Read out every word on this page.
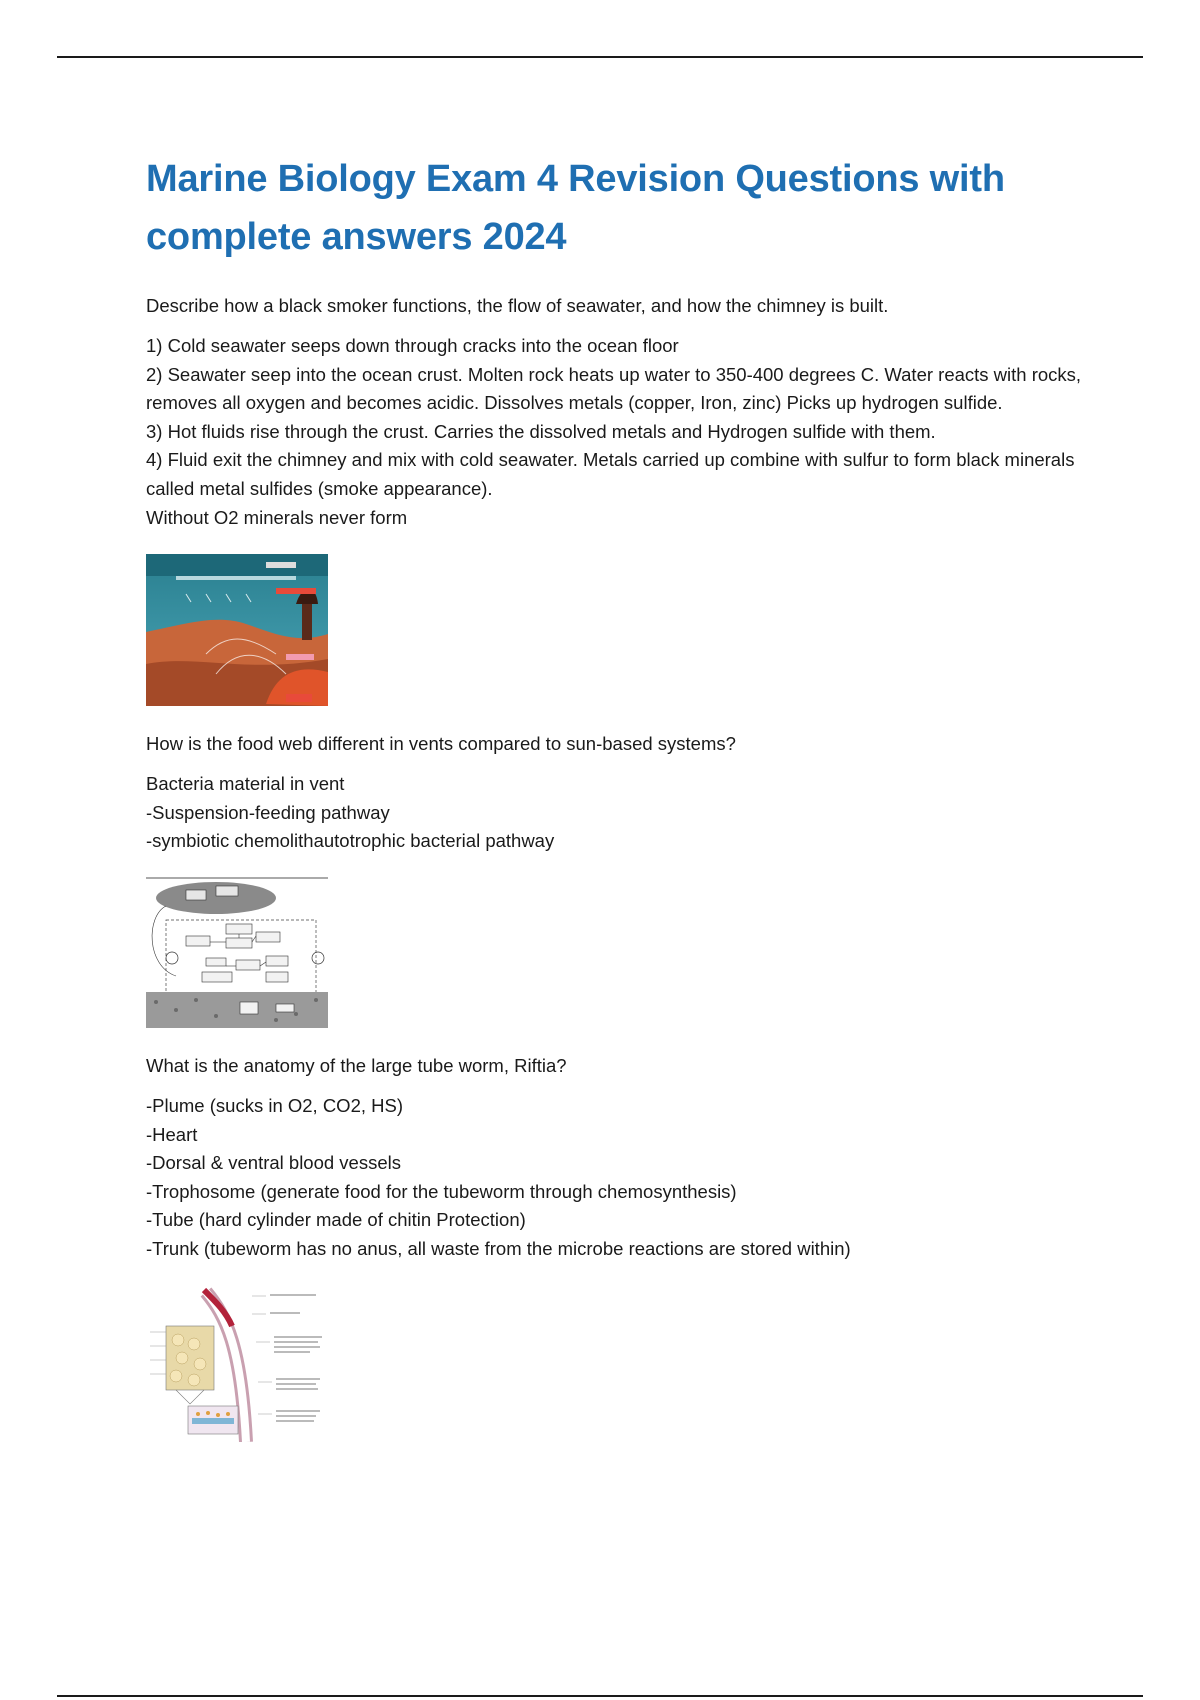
Marine Biology Exam 4 Revision Questions with complete answers 2024

Describe how a black smoker functions, the flow of seawater, and how the chimney is built.

1) Cold seawater seeps down through cracks into the ocean floor
2) Seawater seep into the ocean crust. Molten rock heats up water to 350-400 degrees C. Water reacts with rocks, removes all oxygen and becomes acidic. Dissolves metals (copper, Iron, zinc) Picks up hydrogen sulfide.
3) Hot fluids rise through the crust. Carries the dissolved metals and Hydrogen sulfide with them.
4) Fluid exit the chimney and mix with cold seawater. Metals carried up combine with sulfur to form black minerals called metal sulfides (smoke appearance).
Without O2 minerals never form

How is the food web different in vents compared to sun-based systems?

Bacteria material in vent
-Suspension-feeding pathway
-symbiotic chemolithautotrophic bacterial pathway

What is the anatomy of the large tube worm, Riftia?

-Plume (sucks in O2, CO2, HS)
-Heart
-Dorsal & ventral blood vessels
-Trophosome (generate food for the tubeworm through chemosynthesis)
-Tube (hard cylinder made of chitin Protection)
-Trunk (tubeworm has no anus, all waste from the microbe reactions are stored within)
